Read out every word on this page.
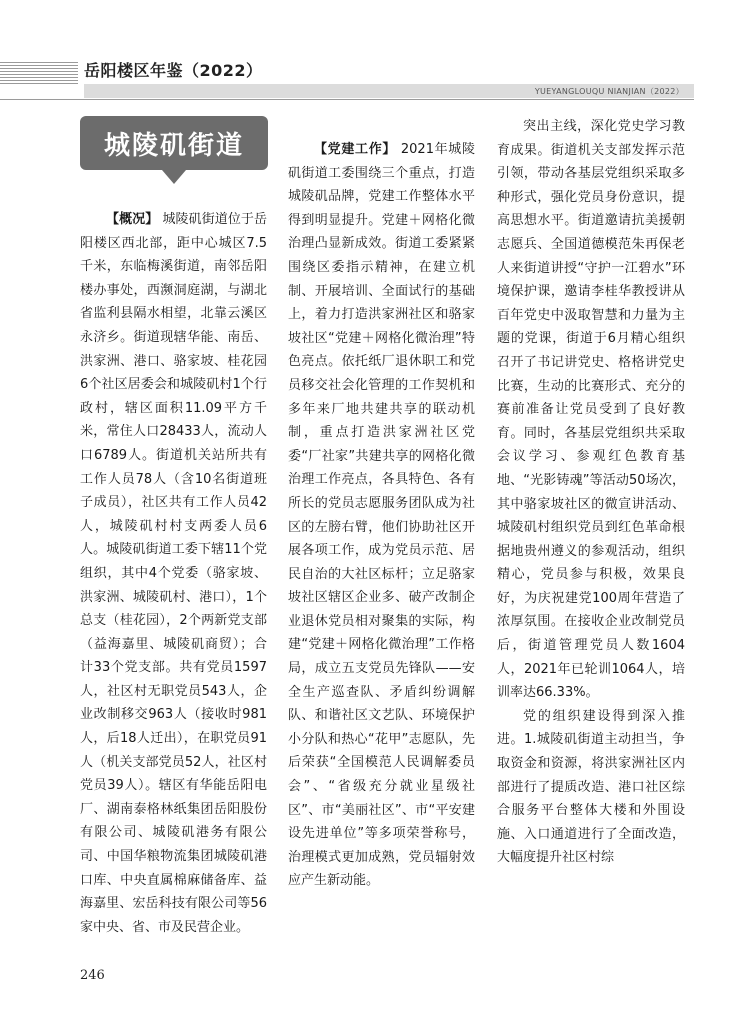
岳阳楼区年鉴（2022）
YUEYANGLOUQU NIANJIAN（2022）
城陵矶街道

【概况】 城陵矶街道位于岳阳楼区西北部，距中心城区7.5千米，东临梅溪街道，南邻岳阳楼办事处，西濒洞庭湖，与湖北省监利县隔水相望，北靠云溪区永济乡。街道现辖华能、南岳、洪家洲、港口、骆家坡、桂花园6个社区居委会和城陵矶村1个行政村，辖区面积11.09平方千米，常住人口28433人，流动人口6789人。街道机关站所共有工作人员78人（含10名街道班子成员），社区共有工作人员42人，城陵矶村村支两委人员6人。城陵矶街道工委下辖11个党组织，其中4个党委（骆家坡、洪家洲、城陵矶村、港口），1个总支（桂花园），2个两新党支部（益海嘉里、城陵矶商贸）；合计33个党支部。共有党员1597人，社区村无职党员543人，企业改制移交963人（接收时981人，后18人迁出），在职党员91人（机关支部党员52人，社区村党员39人）。辖区有华能岳阳电厂、湖南泰格林纸集团岳阳股份有限公司、城陵矶港务有限公司、中国华粮物流集团城陵矶港口库、中央直属棉麻储备库、益海嘉里、宏岳科技有限公司等56家中央、省、市及民营企业。

【党建工作】 2021年城陵矶街道工委围绕三个重点，打造城陵矶品牌，党建工作整体水平得到明显提升。党建＋网格化微治理凸显新成效。街道工委紧紧围绕区委指示精神，在建立机制、开展培训、全面试行的基础上，着力打造洪家洲社区和骆家坡社区“党建＋网格化微治理”特色亮点。依托纸厂退休职工和党员移交社会化管理的工作契机和多年来厂地共建共享的联动机制，重点打造洪家洲社区党委“厂社家”共建共享的网格化微治理工作亮点，各具特色、各有所长的党员志愿服务团队成为社区的左膀右臂，他们协助社区开展各项工作，成为党员示范、居民自治的大社区标杆；立足骆家坡社区辖区企业多、破产改制企业退休党员相对聚集的实际，构建“党建＋网格化微治理”工作格局，成立五支党员先锋队——安全生产巡查队、矛盾纠纷调解队、和谐社区文艺队、环境保护小分队和热心“花甲”志愿队，先后荣获“全国模范人民调解委员会”、“省级充分就业星级社区”、市“美丽社区”、市“平安建设先进单位”等多项荣誉称号，治理模式更加成熟，党员辐射效应产生新动能。

突出主线，深化党史学习教育成果。街道机关支部发挥示范引领，带动各基层党组织采取多种形式，强化党员身份意识，提高思想水平。街道邀请抗美援朝志愿兵、全国道德模范朱再保老人来街道讲授“守护一江碧水”环境保护课，邀请李桂华教授讲从百年党史中汲取智慧和力量为主题的党课，街道于6月精心组织召开了书记讲党史、格格讲党史比赛，生动的比赛形式、充分的赛前准备让党员受到了良好教育。同时，各基层党组织共采取会议学习、参观红色教育基地、“光影铸魂”等活动50场次，其中骆家坡社区的微宣讲活动、城陵矶村组织党员到红色革命根据地贵州遵义的参观活动，组织精心，党员参与积极，效果良好，为庆祝建党100周年营造了浓厚氛围。在接收企业改制党员后，街道管理党员人数1604人，2021年已轮训1064人，培训率达66.33%。

党的组织建设得到深入推进。1.城陵矶街道主动担当，争取资金和资源，将洪家洲社区内部进行了提质改造、港口社区综合服务平台整体大楼和外围设施、入口通道进行了全面改造，大幅度提升社区村综

246
